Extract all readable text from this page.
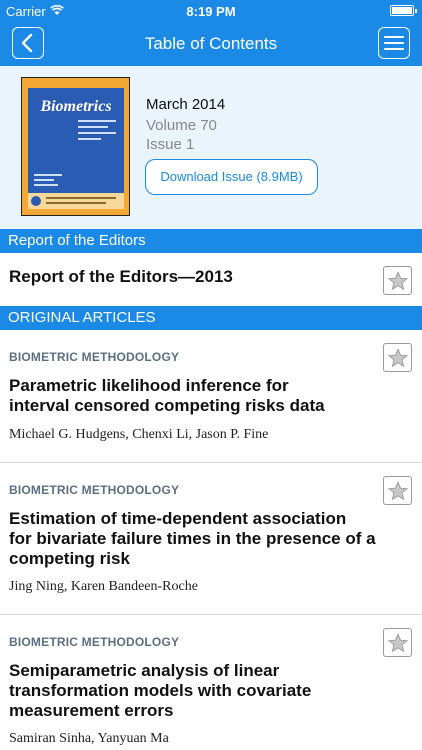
Carrier	8:19 PM
Table of Contents
Biometrics	March 2014
Volume 70
Issue 1
Download Issue (8.9MB)
Report of the Editors
Report of the Editors—2013
ORIGINAL ARTICLES
BIOMETRIC METHODOLOGY
Parametric likelihood inference for
interval censored competing risks data
Michael G. Hudgens, Chenxi Li, Jason P. Fine
BIOMETRIC METHODOLOGY
Estimation of time-dependent association
for bivariate failure times in the presence of a
competing risk
Jing Ning, Karen Bandeen-Roche
BIOMETRIC METHODOLOGY
Semiparametric analysis of linear
transformation models with covariate
measurement errors
Samiran Sinha, Yanyuan Ma
